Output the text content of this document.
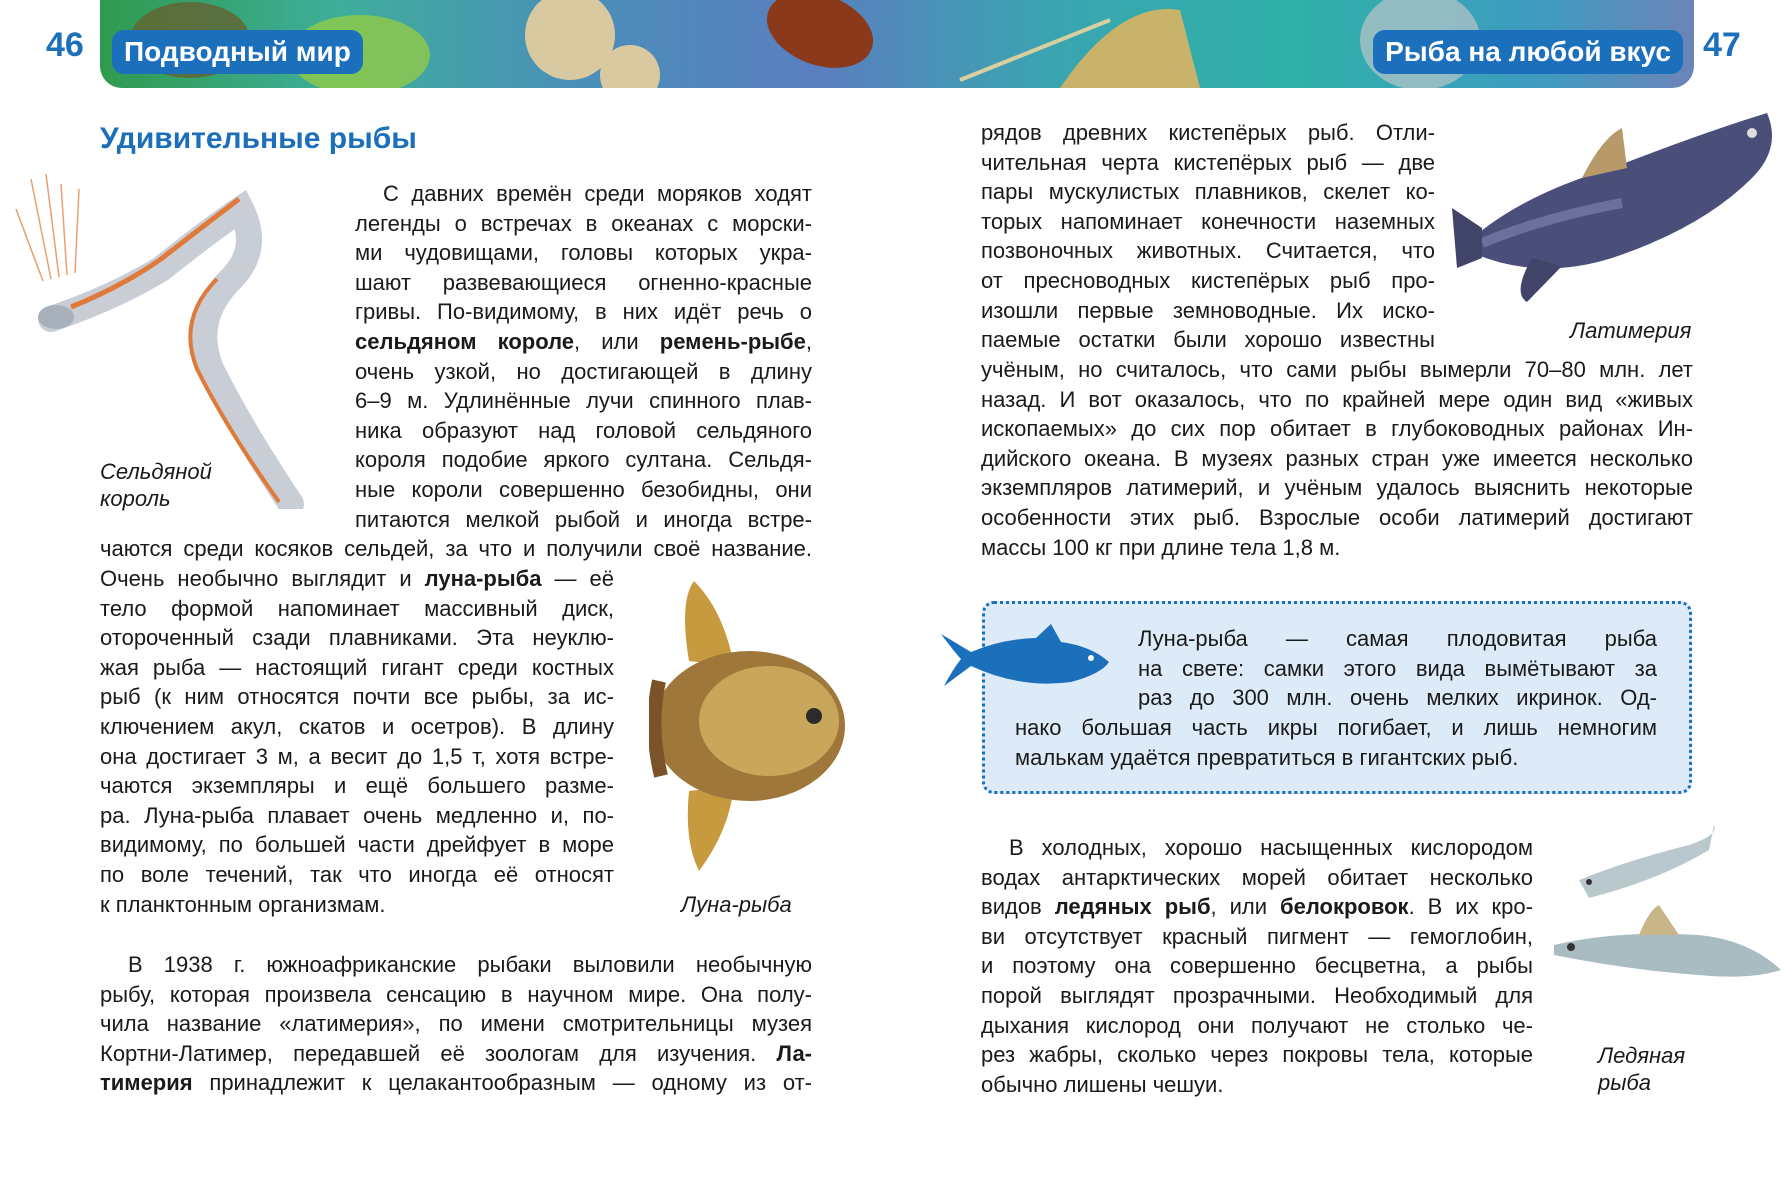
46	47
Подводный мир	Рыба на любой вкус
Удивительные рыбы
Сельдяной
король
С давних времён среди моряков ходят
легенды о встречах в океанах с морски-
ми чудовищами, головы которых укра-
шают развевающиеся огненно-красные
гривы. По-видимому, в них идёт речь о
сельдяном короле, или ремень-рыбе,
очень узкой, но достигающей в длину
6–9 м. Удлинённые лучи спинного плав-
ника образуют над головой сельдяного
короля подобие яркого султана. Сельдя-
ные короли совершенно безобидны, они
питаются мелкой рыбой и иногда встре-
чаются среди косяков сельдей, за что и получили своё название.
Очень необычно выглядит и луна-рыба — её
тело формой напоминает массивный диск,
отороченный сзади плавниками. Эта неуклю-
жая рыба — настоящий гигант среди костных
рыб (к ним относятся почти все рыбы, за ис-
ключением акул, скатов и осетров). В длину
она достигает 3 м, а весит до 1,5 т, хотя встре-
чаются экземпляры и ещё большего разме-
ра. Луна-рыба плавает очень медленно и, по-
видимому, по большей части дрейфует в море
по воле течений, так что иногда её относят
к планктонным организмам.	Луна-рыба
В 1938 г. южноафриканские рыбаки выловили необычную
рыбу, которая произвела сенсацию в научном мире. Она полу-
чила название «латимерия», по имени смотрительницы музея
Кортни-Латимер, передавшей её зоологам для изучения. Ла-
тимерия принадлежит к целакантообразным — одному из от-
рядов древних кистепёрых рыб. Отли-
чительная черта кистепёрых рыб — две
пары мускулистых плавников, скелет ко-
торых напоминает конечности наземных
позвоночных животных. Считается, что
от пресноводных кистепёрых рыб про-
изошли первые земноводные. Их иско-
паемые остатки были хорошо известны	Латимерия
учёным, но считалось, что сами рыбы вымерли 70–80 млн. лет
назад. И вот оказалось, что по крайней мере один вид «живых
ископаемых» до сих пор обитает в глубоководных районах Ин-
дийского океана. В музеях разных стран уже имеется несколько
экземпляров латимерий, и учёным удалось выяснить некоторые
особенности этих рыб. Взрослые особи латимерий достигают
массы 100 кг при длине тела 1,8 м.
Луна-рыба — самая плодовитая рыба
на свете: самки этого вида вымётывают за
раз до 300 млн. очень мелких икринок. Од-
нако большая часть икры погибает, и лишь немногим
малькам удаётся превратиться в гигантских рыб.
В холодных, хорошо насыщенных кислородом
водах антарктических морей обитает несколько
видов ледяных рыб, или белокровок. В их кро-
ви отсутствует красный пигмент — гемоглобин,
и поэтому она совершенно бесцветна, а рыбы
порой выглядят прозрачными. Необходимый для
дыхания кислород они получают не столько че-
рез жабры, сколько через покровы тела, которые
обычно лишены чешуи.
Ледяная
рыба
